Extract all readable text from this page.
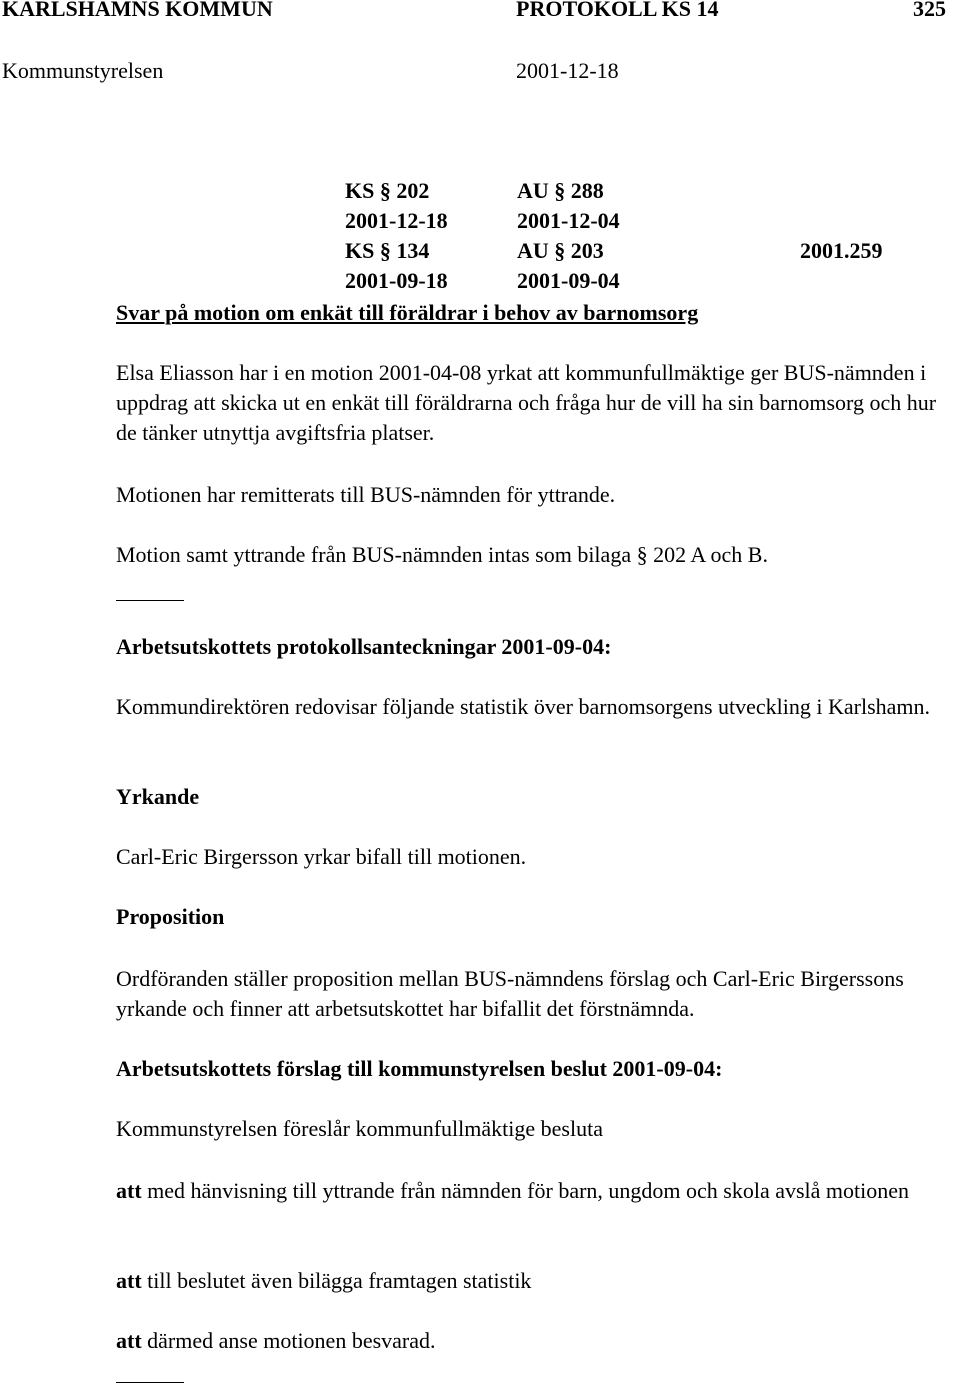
KARLSHAMNS KOMMUN	PROTOKOLL KS 14	325
Kommunstyrelsen	2001-12-18
KS § 202	AU § 288
2001-12-18	2001-12-04
KS § 134	AU § 203	2001.259
2001-09-18	2001-09-04
Svar på motion om enkät till föräldrar i behov av barnomsorg
Elsa Eliasson har i en motion 2001-04-08 yrkat att kommunfullmäktige ger BUS-nämnden i uppdrag att skicka ut en enkät till föräldrarna och fråga hur de vill ha sin barnomsorg och hur de tänker utnyttja avgiftsfria platser.
Motionen har remitterats till BUS-nämnden för yttrande.
Motion samt yttrande från BUS-nämnden intas som bilaga § 202 A och B.
Arbetsutskottets protokollsanteckningar 2001-09-04:
Kommundirektören redovisar följande statistik över barnomsorgens utveckling i Karlshamn.
Yrkande
Carl-Eric Birgersson yrkar bifall till motionen.
Proposition
Ordföranden ställer proposition mellan BUS-nämndens förslag och Carl-Eric Birgerssons yrkande och finner att arbetsutskottet har bifallit det förstnämnda.
Arbetsutskottets förslag till kommunstyrelsen beslut 2001-09-04:
Kommunstyrelsen föreslår kommunfullmäktige besluta
att med hänvisning till yttrande från nämnden för barn, ungdom och skola avslå motionen
att till beslutet även bilägga framtagen statistik
att därmed anse motionen besvarad.
